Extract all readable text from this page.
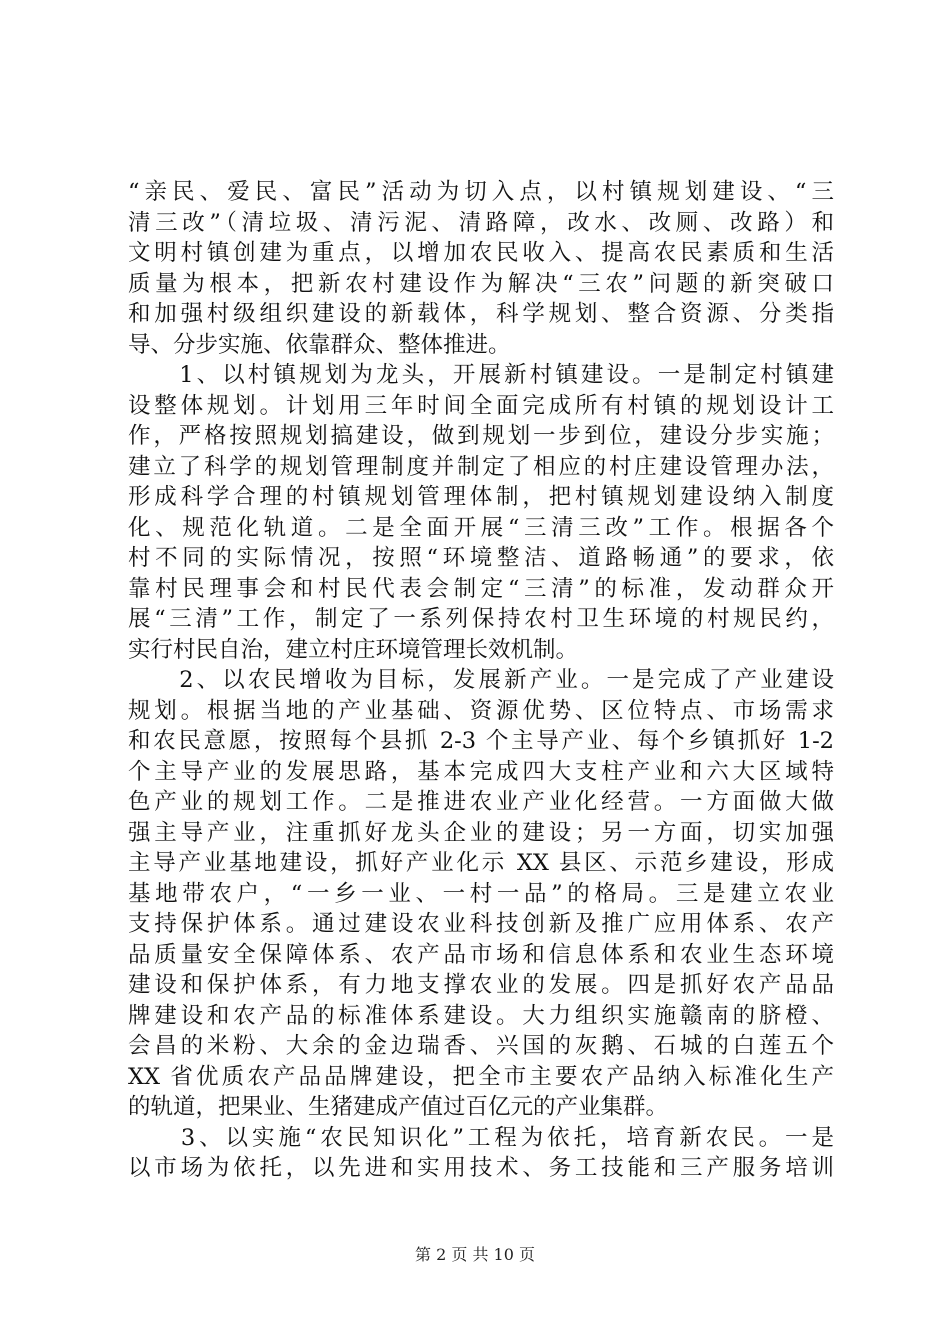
“亲民、爱民、富民”活动为切入点，以村镇规划建设、“三
清三改”（清垃圾、清污泥、清路障，改水、改厕、改路）和
文明村镇创建为重点，以增加农民收入、提高农民素质和生活
质量为根本，把新农村建设作为解决“三农”问题的新突破口
和加强村级组织建设的新载体，科学规划、整合资源、分类指
导、分步实施、依靠群众、整体推进。
　　1、以村镇规划为龙头，开展新村镇建设。一是制定村镇建
设整体规划。计划用三年时间全面完成所有村镇的规划设计工
作，严格按照规划搞建设，做到规划一步到位，建设分步实施；
建立了科学的规划管理制度并制定了相应的村庄建设管理办法，
形成科学合理的村镇规划管理体制，把村镇规划建设纳入制度
化、规范化轨道。二是全面开展“三清三改”工作。根据各个
村不同的实际情况，按照“环境整洁、道路畅通”的要求，依
靠村民理事会和村民代表会制定“三清”的标准，发动群众开
展“三清”工作，制定了一系列保持农村卫生环境的村规民约，
实行村民自治，建立村庄环境管理长效机制。
　　2、以农民增收为目标，发展新产业。一是完成了产业建设
规划。根据当地的产业基础、资源优势、区位特点、市场需求
和农民意愿，按照每个县抓 2-3 个主导产业、每个乡镇抓好 1-2
个主导产业的发展思路，基本完成四大支柱产业和六大区域特
色产业的规划工作。二是推进农业产业化经营。一方面做大做
强主导产业，注重抓好龙头企业的建设；另一方面，切实加强
主导产业基地建设，抓好产业化示 XX 县区、示范乡建设，形成
基地带农户，“一乡一业、一村一品”的格局。三是建立农业
支持保护体系。通过建设农业科技创新及推广应用体系、农产
品质量安全保障体系、农产品市场和信息体系和农业生态环境
建设和保护体系，有力地支撑农业的发展。四是抓好农产品品
牌建设和农产品的标准体系建设。大力组织实施赣南的脐橙、
会昌的米粉、大余的金边瑞香、兴国的灰鹅、石城的白莲五个
XX 省优质农产品品牌建设，把全市主要农产品纳入标准化生产
的轨道，把果业、生猪建成产值过百亿元的产业集群。
　　3、以实施“农民知识化”工程为依托，培育新农民。一是
以市场为依托，以先进和实用技术、务工技能和三产服务培训
第 2 页 共 10 页
